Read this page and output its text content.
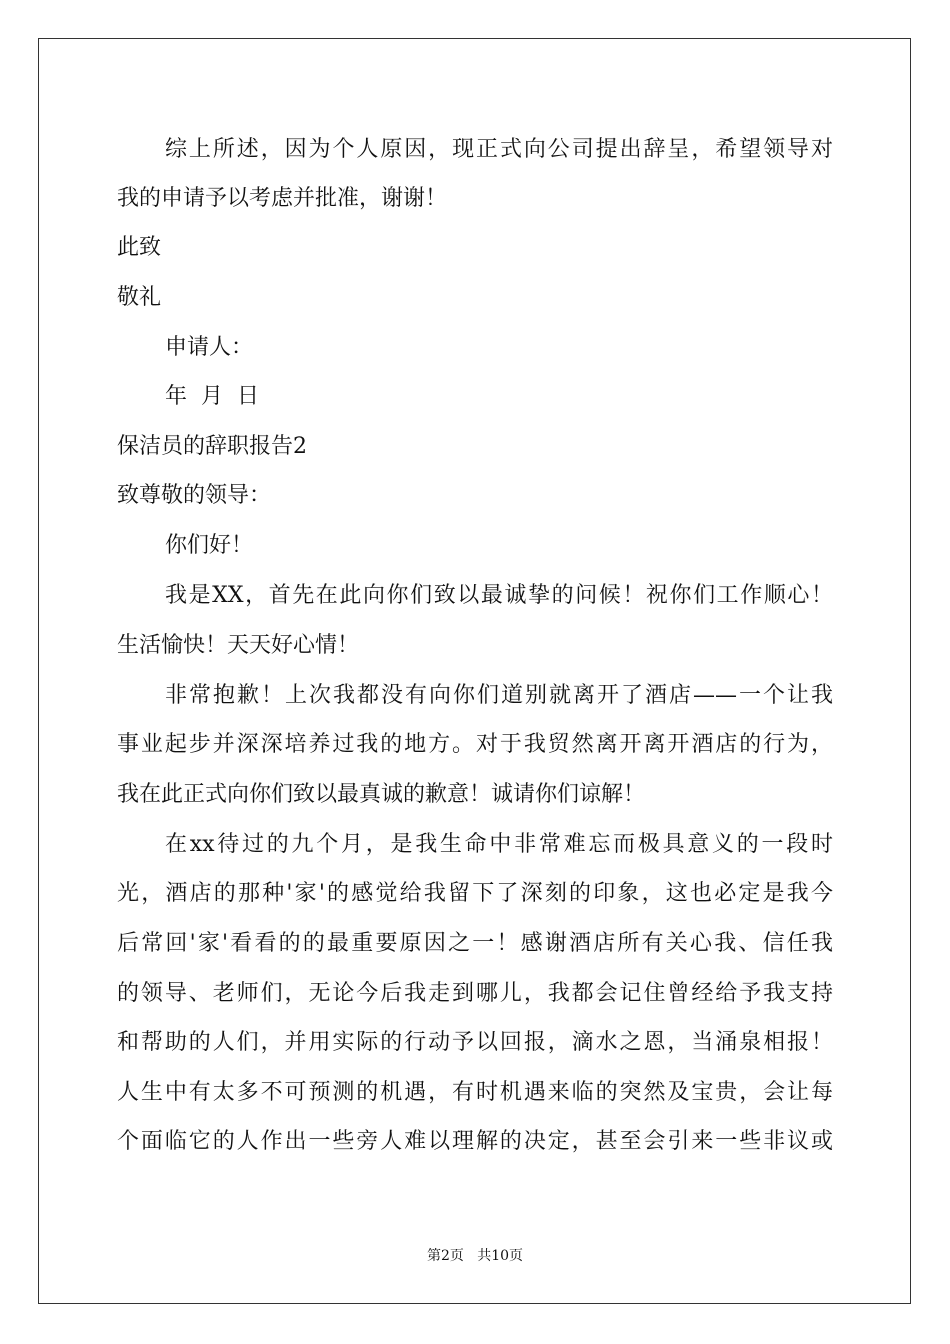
综上所述，因为个人原因，现正式向公司提出辞呈，希望领导对
我的申请予以考虑并批准，谢谢！
此致
敬礼
申请人：
年  月  日
保洁员的辞职报告2
致尊敬的领导：
你们好！
我是XX，首先在此向你们致以最诚挚的问候！祝你们工作顺心！
生活愉快！天天好心情！
非常抱歉！上次我都没有向你们道别就离开了酒店——一个让我
事业起步并深深培养过我的地方。对于我贸然离开离开酒店的行为，
我在此正式向你们致以最真诚的歉意！诚请你们谅解！
在xx待过的九个月，是我生命中非常难忘而极具意义的一段时
光，酒店的那种'家'的感觉给我留下了深刻的印象，这也必定是我今
后常回'家'看看的的最重要原因之一！感谢酒店所有关心我、信任我
的领导、老师们，无论今后我走到哪儿，我都会记住曾经给予我支持
和帮助的人们，并用实际的行动予以回报，滴水之恩，当涌泉相报！
人生中有太多不可预测的机遇，有时机遇来临的突然及宝贵，会让每
个面临它的人作出一些旁人难以理解的决定，甚至会引来一些非议或
第2页   共10页
